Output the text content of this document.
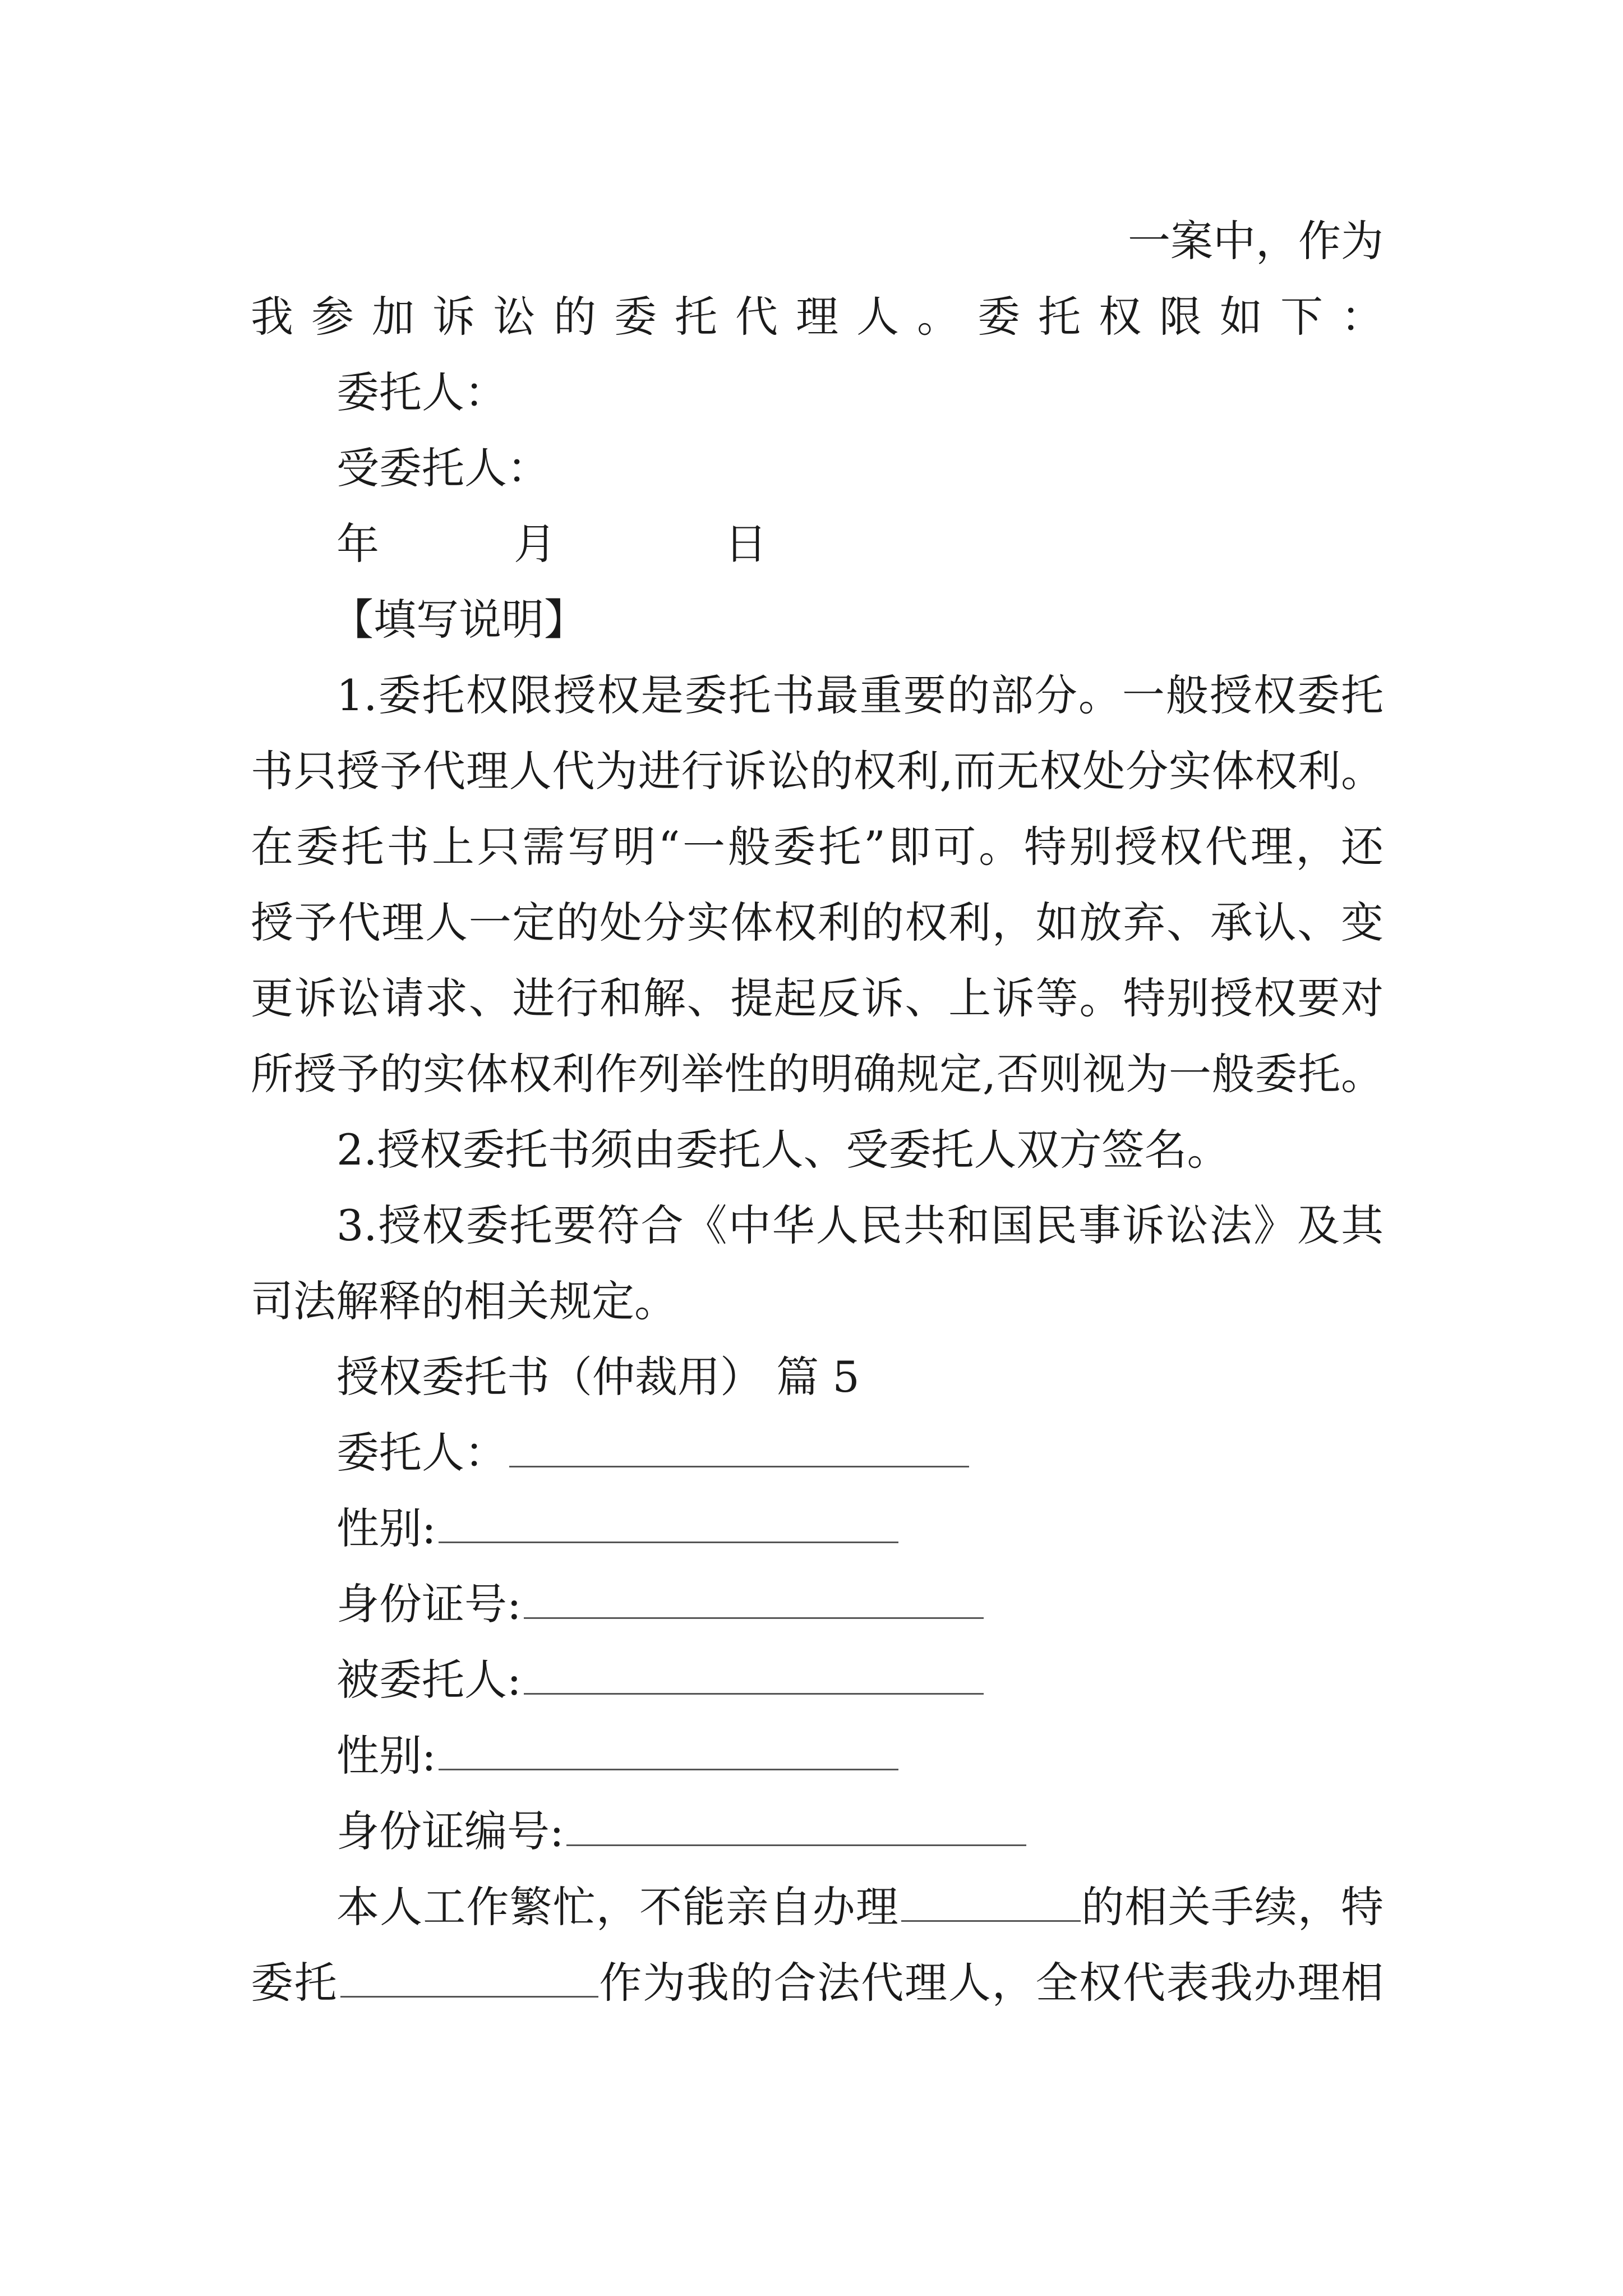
一案中，作为
我参加诉讼的委托代理人。委托权限如下：
委托人：
受委托人：
年	月	日
【填写说明】
1.委托权限授权是委托书最重要的部分。一般授权委托
书只授予代理人代为进行诉讼的权利,而无权处分实体权利。
在委托书上只需写明“一般委托”即可。特别授权代理，还
授予代理人一定的处分实体权利的权利，如放弃、承认、变
更诉讼请求、进行和解、提起反诉、上诉等。特别授权要对
所授予的实体权利作列举性的明确规定,否则视为一般委托。
2.授权委托书须由委托人、受委托人双方签名。
3.授权委托要符合《中华人民共和国民事诉讼法》及其
司法解释的相关规定。
授权委托书（仲裁用） 篇 5
委托人：
性别:
身份证号:
被委托人:
性别:
身份证编号:
本人工作繁忙，不能亲自办理	的相关手续，特
委托	作为我的合法代理人，全权代表我办理相
